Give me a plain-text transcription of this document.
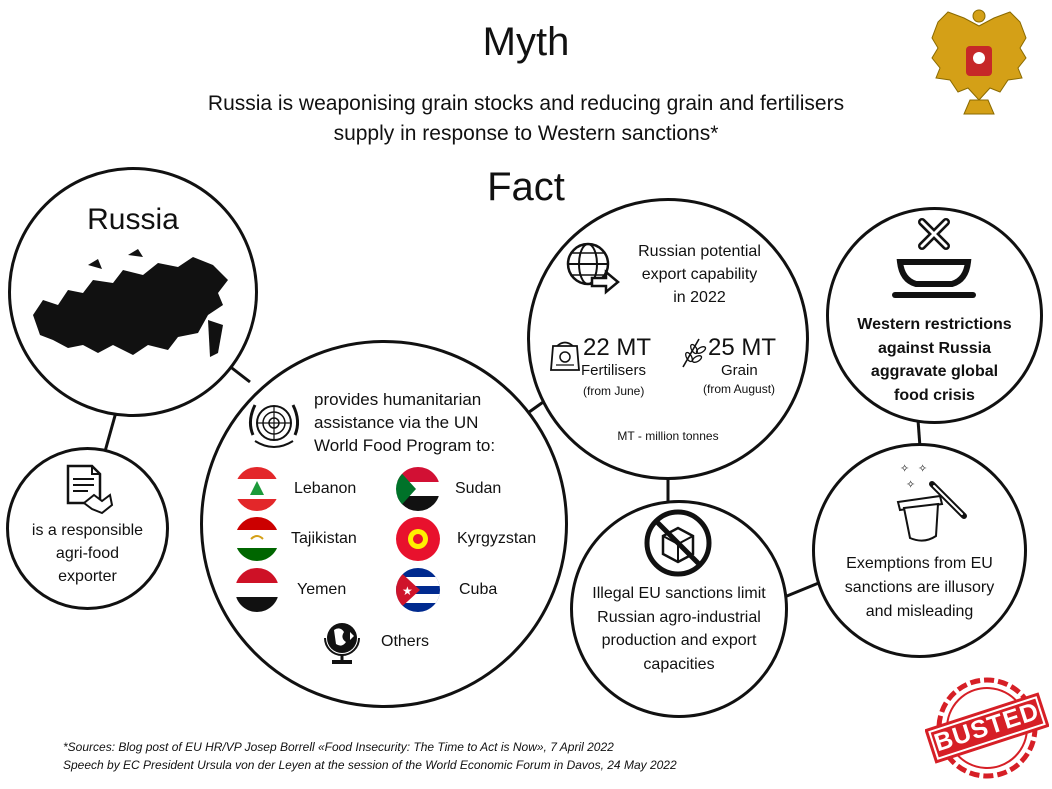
Myth
Russia is weaponising grain stocks and reducing grain and fertilisers
supply in response to Western sanctions*
Fact
Russia
is a responsible
agri-food
exporter
provides humanitarian
assistance via the UN
World Food Program to:
Lebanon	Sudan
Tajikistan	Kyrgyzstan
Yemen	★	Cuba
Others
Russian potential
export capability
in 2022
22 MT
Fertilisers
(from June)
25 MT
Grain
(from August)
MT - million tonnes
Western restrictions
against Russia
aggravate global
food crisis
Illegal EU sanctions limit
Russian agro-industrial
production and export
capacities
✧ ✧
✧
Exemptions from EU
sanctions are illusory
and misleading
BUSTED
*Sources: Blog post of EU HR/VP Josep Borrell «Food Insecurity: The Time to Act is Now», 7 April 2022
Speech by EC President Ursula von der Leyen at the session of the World Economic Forum in Davos, 24 May 2022
